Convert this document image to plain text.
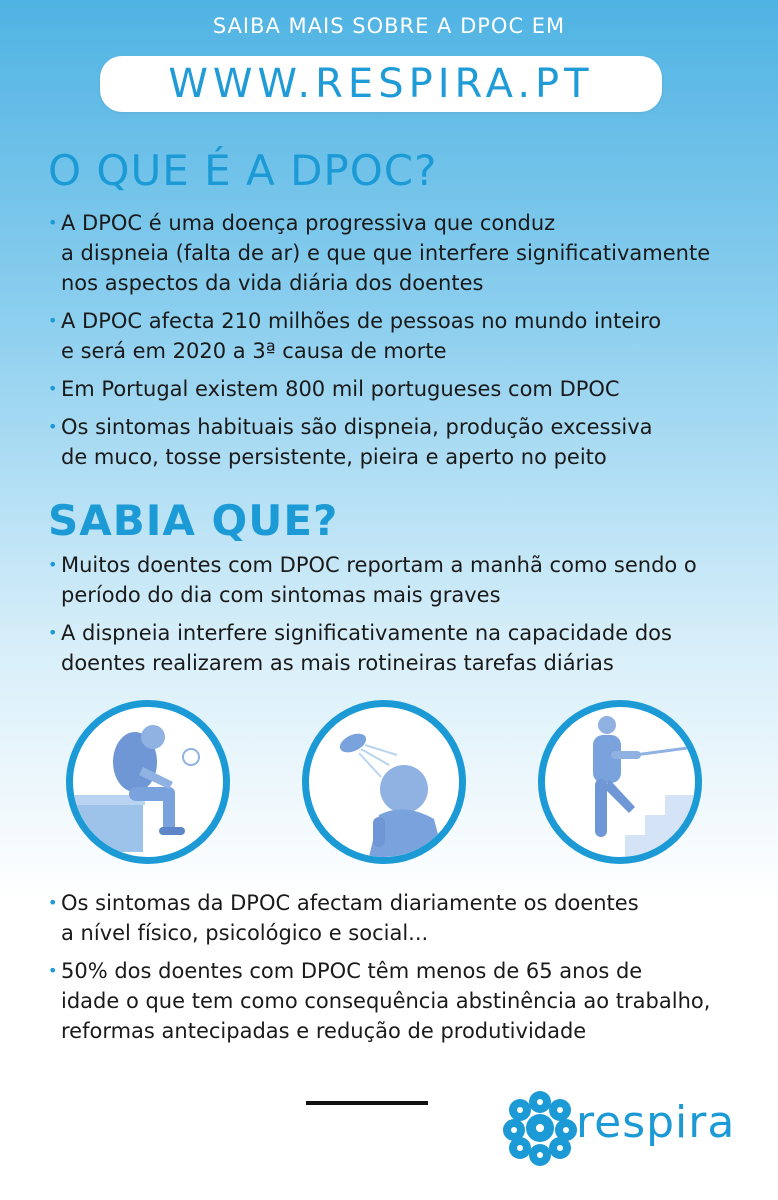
SAIBA MAIS SOBRE A DPOC EM
WWW.RESPIRA.PT
O QUE É A DPOC?
• A DPOC é uma doença progressiva que conduz
a dispneia (falta de ar) e que que interfere significativamente
nos aspectos da vida diária dos doentes
• A DPOC afecta 210 milhões de pessoas no mundo inteiro
e será em 2020 a 3ª causa de morte
• Em Portugal existem 800 mil portugueses com DPOC
• Os sintomas habituais são dispneia, produção excessiva
de muco, tosse persistente, pieira e aperto no peito
SABIA QUE?
• Muitos doentes com DPOC reportam a manhã como sendo o
período do dia com sintomas mais graves
• A dispneia interfere significativamente na capacidade dos
doentes realizarem as mais rotineiras tarefas diárias
• Os sintomas da DPOC afectam diariamente os doentes
a nível físico, psicológico e social...
• 50% dos doentes com DPOC têm menos de 65 anos de
idade o que tem como consequência abstinência ao trabalho,
reformas antecipadas e redução de produtividade
respira
